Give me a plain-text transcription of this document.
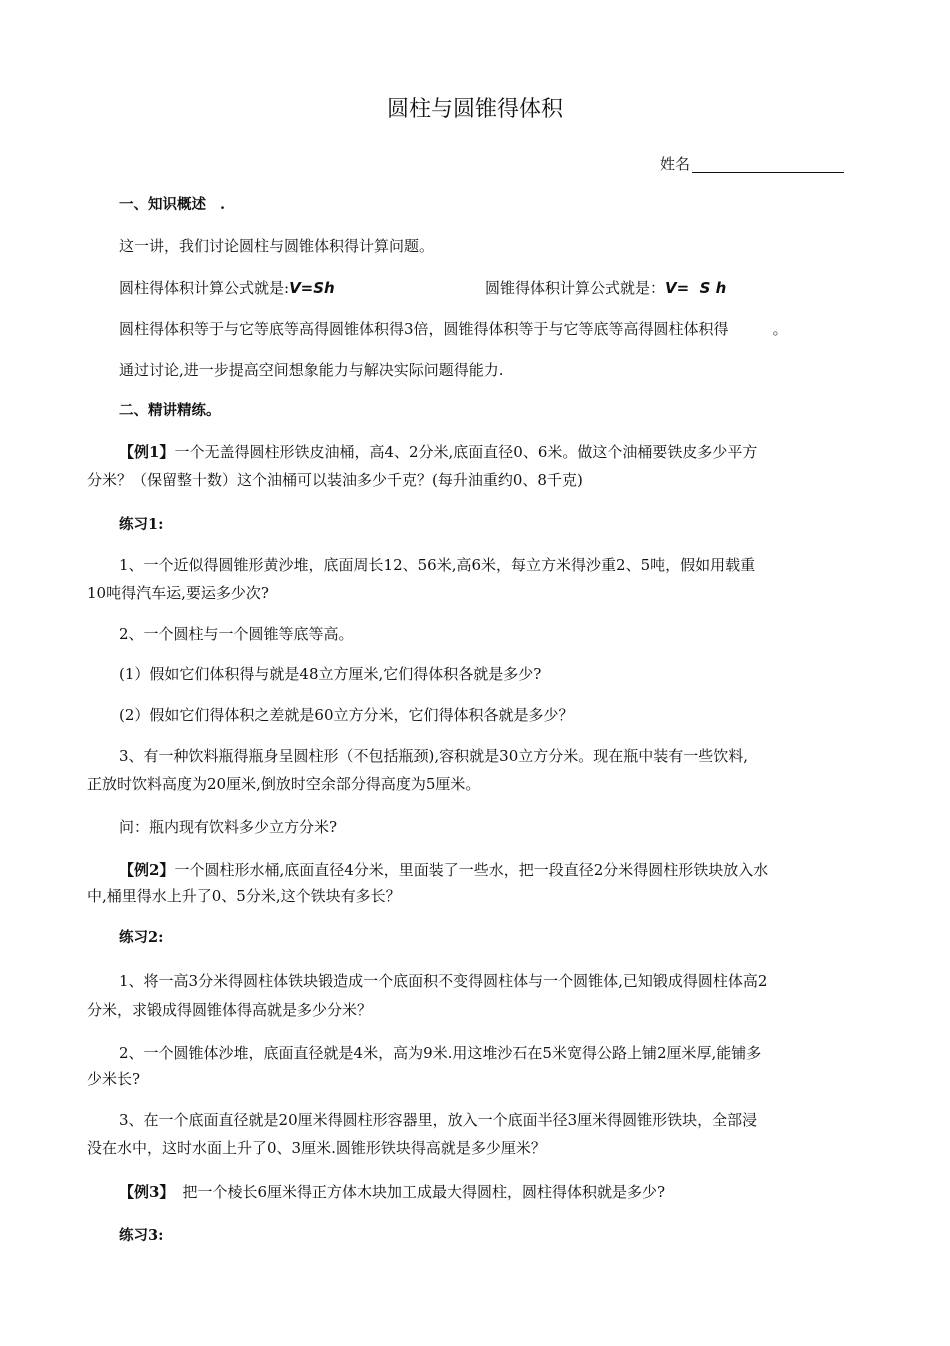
圆柱与圆锥得体积
姓名
一、知识概述 .
这一讲，我们讨论圆柱与圆锥体积得计算问题。
圆柱得体积计算公式就是:V=Sh	圆锥得体积计算公式就是：V=  S h
圆柱得体积等于与它等底等高得圆锥体积得3倍，圆锥得体积等于与它等底等高得圆柱体积得	。
通过讨论,进一步提高空间想象能力与解决实际问题得能力.
二、精讲精练。
【例1】一个无盖得圆柱形铁皮油桶，高4、2分米,底面直径0、6米。做这个油桶要铁皮多少平方
分米？（保留整十数）这个油桶可以装油多少千克？(每升油重约0、8千克)
练习1:
1、一个近似得圆锥形黄沙堆，底面周长12、56米,高6米，每立方米得沙重2、5吨，假如用载重
10吨得汽车运,要运多少次?
2、一个圆柱与一个圆锥等底等高。
(1）假如它们体积得与就是48立方厘米,它们得体积各就是多少?
(2）假如它们得体积之差就是60立方分米，它们得体积各就是多少？
3、有一种饮料瓶得瓶身呈圆柱形（不包括瓶颈),容积就是30立方分米。现在瓶中装有一些饮料,
正放时饮料高度为20厘米,倒放时空余部分得高度为5厘米。
问：瓶内现有饮料多少立方分米?
【例2】一个圆柱形水桶,底面直径4分米，里面装了一些水，把一段直径2分米得圆柱形铁块放入水
中,桶里得水上升了0、5分米,这个铁块有多长？
练习2:
1、将一高3分米得圆柱体铁块锻造成一个底面积不变得圆柱体与一个圆锥体,已知锻成得圆柱体高2
分米，求锻成得圆锥体得高就是多少分米？
2、一个圆锥体沙堆，底面直径就是4米，高为9米.用这堆沙石在5米宽得公路上铺2厘米厚,能铺多
少米长?
3、在一个底面直径就是20厘米得圆柱形容器里，放入一个底面半径3厘米得圆锥形铁块，全部浸
没在水中，这时水面上升了0、3厘米.圆锥形铁块得高就是多少厘米？
【例3】 把一个棱长6厘米得正方体木块加工成最大得圆柱，圆柱得体积就是多少?
练习3:
